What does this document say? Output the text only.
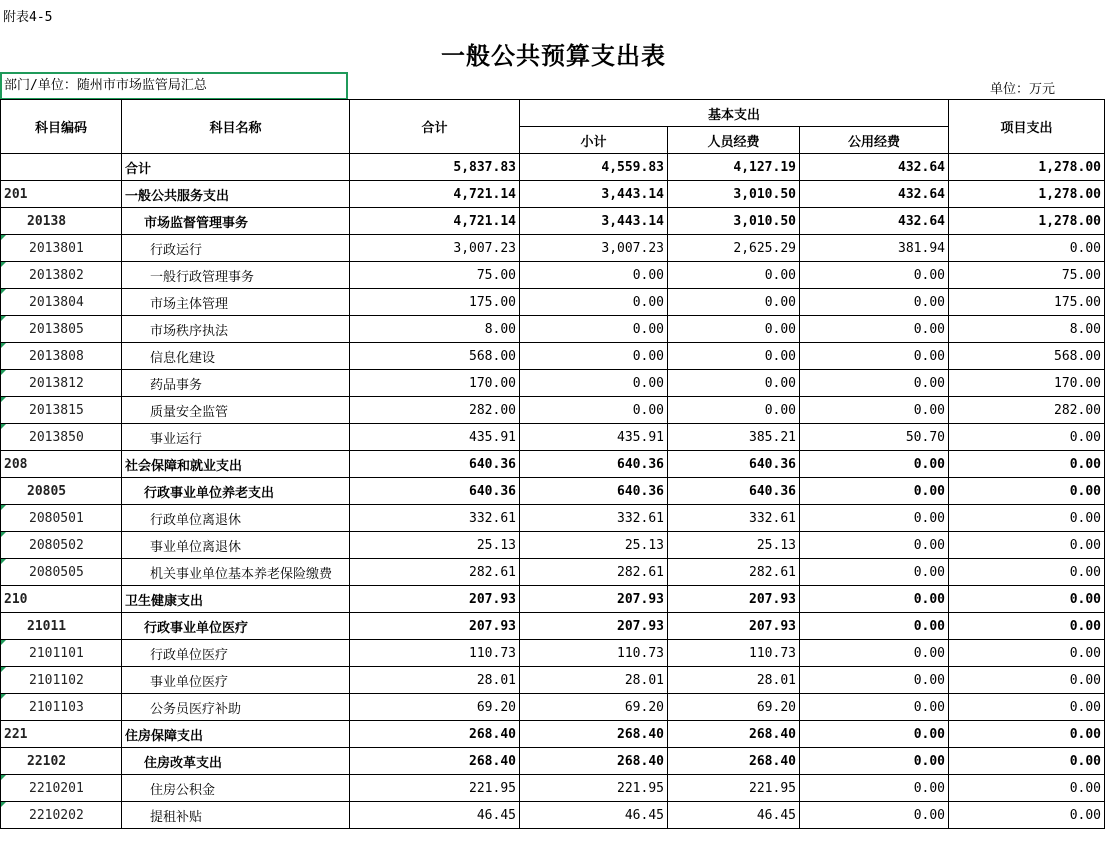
附表4-5
一般公共预算支出表
部门/单位：随州市市场监管局汇总	单位：万元
科目编码	科目名称	合计	基本支出			项目支出
			小计	人员经费	公用经费	
	合计	5,837.83	4,559.83	4,127.19	432.64	1,278.00
201	一般公共服务支出	4,721.14	3,443.14	3,010.50	432.64	1,278.00
20138	市场监督管理事务	4,721.14	3,443.14	3,010.50	432.64	1,278.00
2013801	行政运行	3,007.23	3,007.23	2,625.29	381.94	0.00
2013802	一般行政管理事务	75.00	0.00	0.00	0.00	75.00
2013804	市场主体管理	175.00	0.00	0.00	0.00	175.00
2013805	市场秩序执法	8.00	0.00	0.00	0.00	8.00
2013808	信息化建设	568.00	0.00	0.00	0.00	568.00
2013812	药品事务	170.00	0.00	0.00	0.00	170.00
2013815	质量安全监管	282.00	0.00	0.00	0.00	282.00
2013850	事业运行	435.91	435.91	385.21	50.70	0.00
208	社会保障和就业支出	640.36	640.36	640.36	0.00	0.00
20805	行政事业单位养老支出	640.36	640.36	640.36	0.00	0.00
2080501	行政单位离退休	332.61	332.61	332.61	0.00	0.00
2080502	事业单位离退休	25.13	25.13	25.13	0.00	0.00
2080505	机关事业单位基本养老保险缴费	282.61	282.61	282.61	0.00	0.00
210	卫生健康支出	207.93	207.93	207.93	0.00	0.00
21011	行政事业单位医疗	207.93	207.93	207.93	0.00	0.00
2101101	行政单位医疗	110.73	110.73	110.73	0.00	0.00
2101102	事业单位医疗	28.01	28.01	28.01	0.00	0.00
2101103	公务员医疗补助	69.20	69.20	69.20	0.00	0.00
221	住房保障支出	268.40	268.40	268.40	0.00	0.00
22102	住房改革支出	268.40	268.40	268.40	0.00	0.00
2210201	住房公积金	221.95	221.95	221.95	0.00	0.00
2210202	提租补贴	46.45	46.45	46.45	0.00	0.00
